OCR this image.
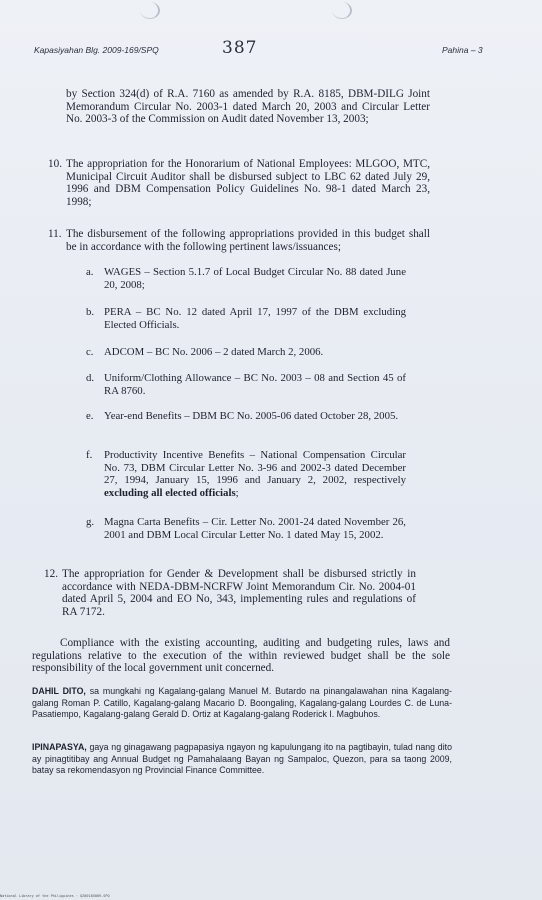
Kapasiyahan Blg. 2009-169/SPQ	387	Pahina – 3
by Section 324(d) of R.A. 7160 as amended by R.A. 8185, DBM-DILG Joint Memorandum Circular No. 2003-1 dated March 20, 2003 and Circular Letter No. 2003-3 of the Commission on Audit dated November 13, 2003;
10. The appropriation for the Honorarium of National Employees: MLGOO, MTC, Municipal Circuit Auditor shall be disbursed subject to LBC 62 dated July 29, 1996 and DBM Compensation Policy Guidelines No. 98-1 dated March 23, 1998;
11. The disbursement of the following appropriations provided in this budget shall be in accordance with the following pertinent laws/issuances;
a. WAGES – Section 5.1.7 of Local Budget Circular No. 88 dated June 20, 2008;
b. PERA – BC No. 12 dated April 17, 1997 of the DBM excluding Elected Officials.
c. ADCOM – BC No. 2006 – 2 dated March 2, 2006.
d. Uniform/Clothing Allowance – BC No. 2003 – 08 and Section 45 of RA 8760.
e. Year-end Benefits – DBM BC No. 2005-06 dated October 28, 2005.
f. Productivity Incentive Benefits – National Compensation Circular No. 73, DBM Circular Letter No. 3-96 and 2002-3 dated December 27, 1994, January 15, 1996 and January 2, 2002, respectively excluding all elected officials;
g. Magna Carta Benefits – Cir. Letter No. 2001-24 dated November 26, 2001 and DBM Local Circular Letter No. 1 dated May 15, 2002.
12. The appropriation for Gender & Development shall be disbursed strictly in accordance with NEDA-DBM-NCRFW Joint Memorandum Cir. No. 2004-01 dated April 5, 2004 and EO No, 343, implementing rules and regulations of RA 7172.
Compliance with the existing accounting, auditing and budgeting rules, laws and regulations relative to the execution of the within reviewed budget shall be the sole responsibility of the local government unit concerned.
DAHIL DITO, sa mungkahi ng Kagalang-galang Manuel M. Butardo na pinangalawahan nina Kagalang-galang Roman P. Catillo, Kagalang-galang Macario D. Boongaling, Kagalang-galang Lourdes C. de Luna-Pasatiempo, Kagalang-galang Gerald D. Ortiz at Kagalang-galang Roderick I. Magbuhos.
IPINAPASYA, gaya ng ginagawang pagpapasiya ngayon ng kapulungang ito na pagtibayin, tulad nang dito ay pinagtitibay ang Annual Budget ng Pamahalaang Bayan ng Sampaloc, Quezon, para sa taong 2009, batay sa rekomendasyon ng Provincial Finance Committee.
National Library of the Philippines · QZ00185009-SPQ
